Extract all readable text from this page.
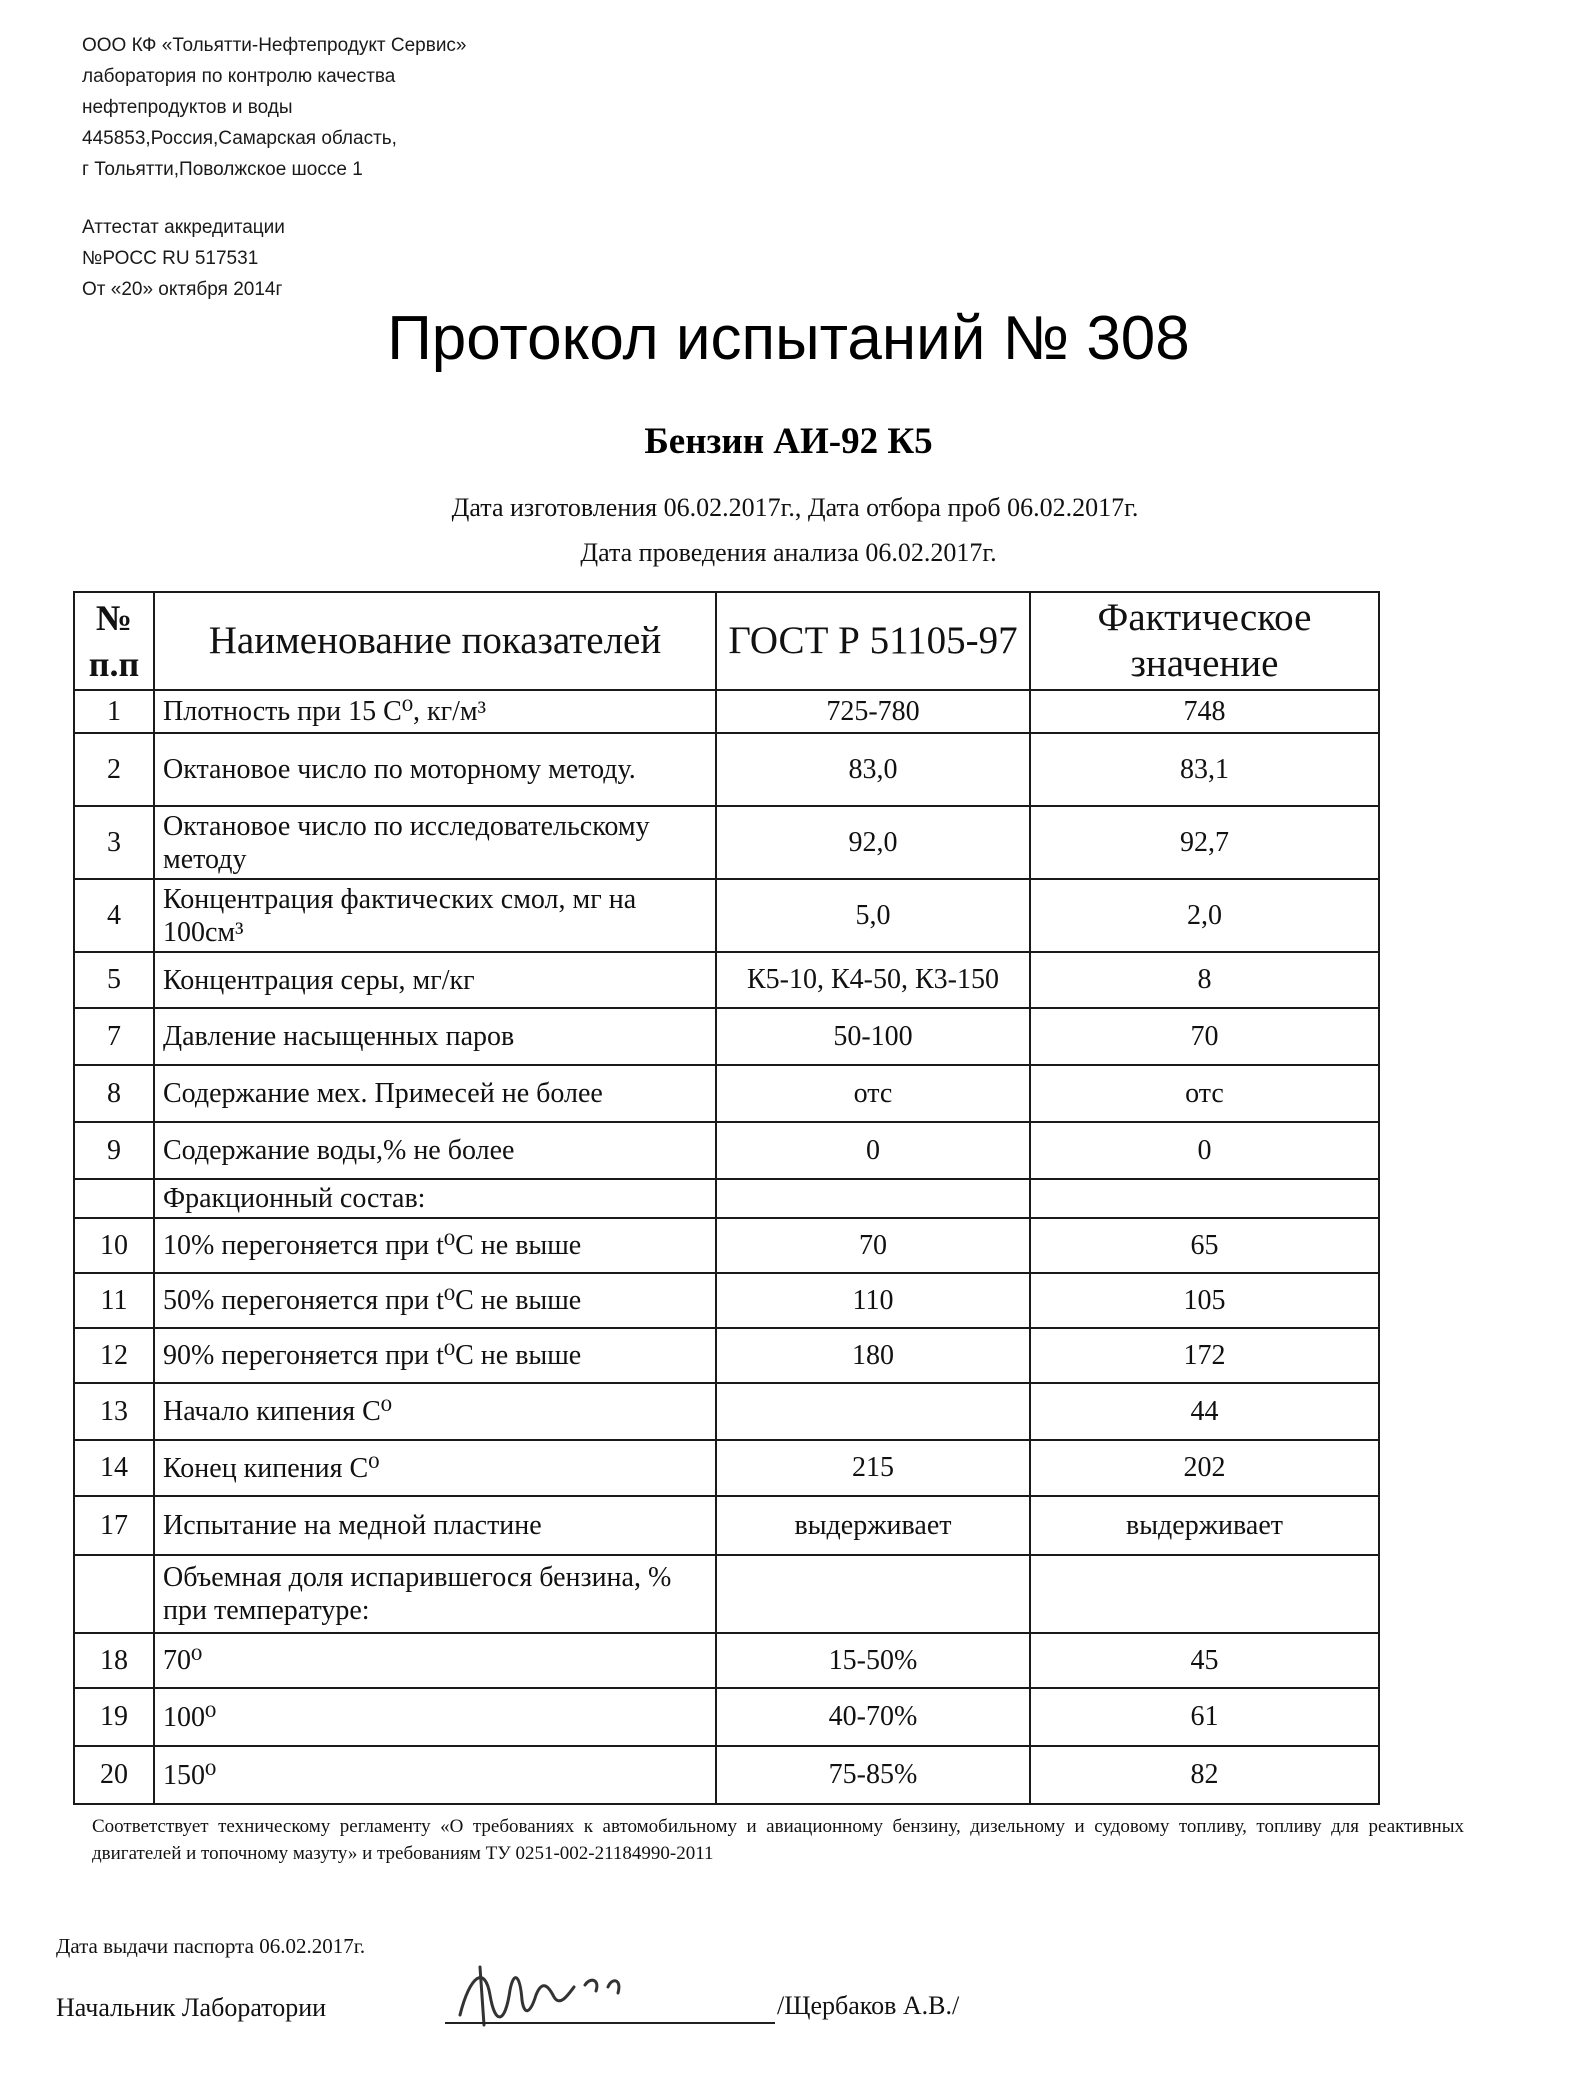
ООО КФ «Тольятти-Нефтепродукт Сервис»
лаборатория по контролю качества
нефтепродуктов и воды
445853,Россия,Самарская область,
г Тольятти,Поволжское шоссе 1
Аттестат аккредитации
№РОСС RU 517531
От «20» октября 2014г
Протокол испытаний № 308
Бензин АИ-92 К5
Дата изготовления 06.02.2017г., Дата отбора проб 06.02.2017г.
Дата проведения анализа 06.02.2017г.
№ п.п	Наименование показателей	ГОСТ Р 51105-97	Фактическое значение
1	Плотность при 15 С⁰, кг/м³	725-780	748
2	Октановое число по моторному методу.	83,0	83,1
3	Октановое число по исследовательскому методу	92,0	92,7
4	Концентрация фактических смол, мг на 100см³	5,0	2,0
5	Концентрация серы, мг/кг	К5-10, К4-50, К3-150	8
7	Давление насыщенных паров	50-100	70
8	Содержание мех. Примесей не более	отс	отс
9	Содержание воды,% не более	0	0
	Фракционный состав:		
10	10% перегоняется при t⁰С не выше	70	65
11	50% перегоняется при t⁰С не выше	110	105
12	90% перегоняется при t⁰С не выше	180	172
13	Начало кипения С⁰		44
14	Конец кипения С⁰	215	202
17	Испытание на медной пластине	выдерживает	выдерживает
	Объемная доля испарившегося бензина, % при температуре:		
18	70⁰	15-50%	45
19	100⁰	40-70%	61
20	150⁰	75-85%	82
Соответствует техническому регламенту «О требованиях к автомобильному и авиационному бензину, дизельному и судовому топливу, топливу для реактивных двигателей и топочному мазуту» и требованиям ТУ 0251-002-21184990-2011
Дата выдачи паспорта 06.02.2017г.
Начальник Лаборатории	/Щербаков А.В./
